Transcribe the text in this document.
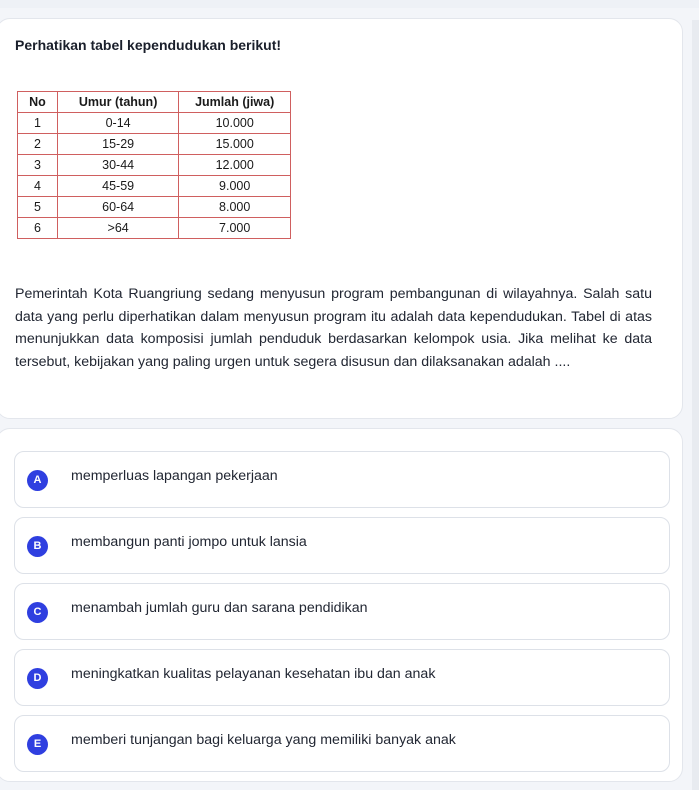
Perhatikan tabel kependudukan berikut!
No	Umur (tahun)	Jumlah (jiwa)
1	0-14	10.000
2	15-29	15.000
3	30-44	12.000
4	45-59	9.000
5	60-64	8.000
6	>64	7.000
Pemerintah Kota Ruangriung sedang menyusun program pembangunan di wilayahnya. Salah satu data yang perlu diperhatikan dalam menyusun program itu adalah data kependudukan. Tabel di atas menunjukkan data komposisi jumlah penduduk berdasarkan kelompok usia. Jika melihat ke data tersebut, kebijakan yang paling urgen untuk segera disusun dan dilaksanakan adalah ....
A	memperluas lapangan pekerjaan
B	membangun panti jompo untuk lansia
C	menambah jumlah guru dan sarana pendidikan
D	meningkatkan kualitas pelayanan kesehatan ibu dan anak
E	memberi tunjangan bagi keluarga yang memiliki banyak anak
